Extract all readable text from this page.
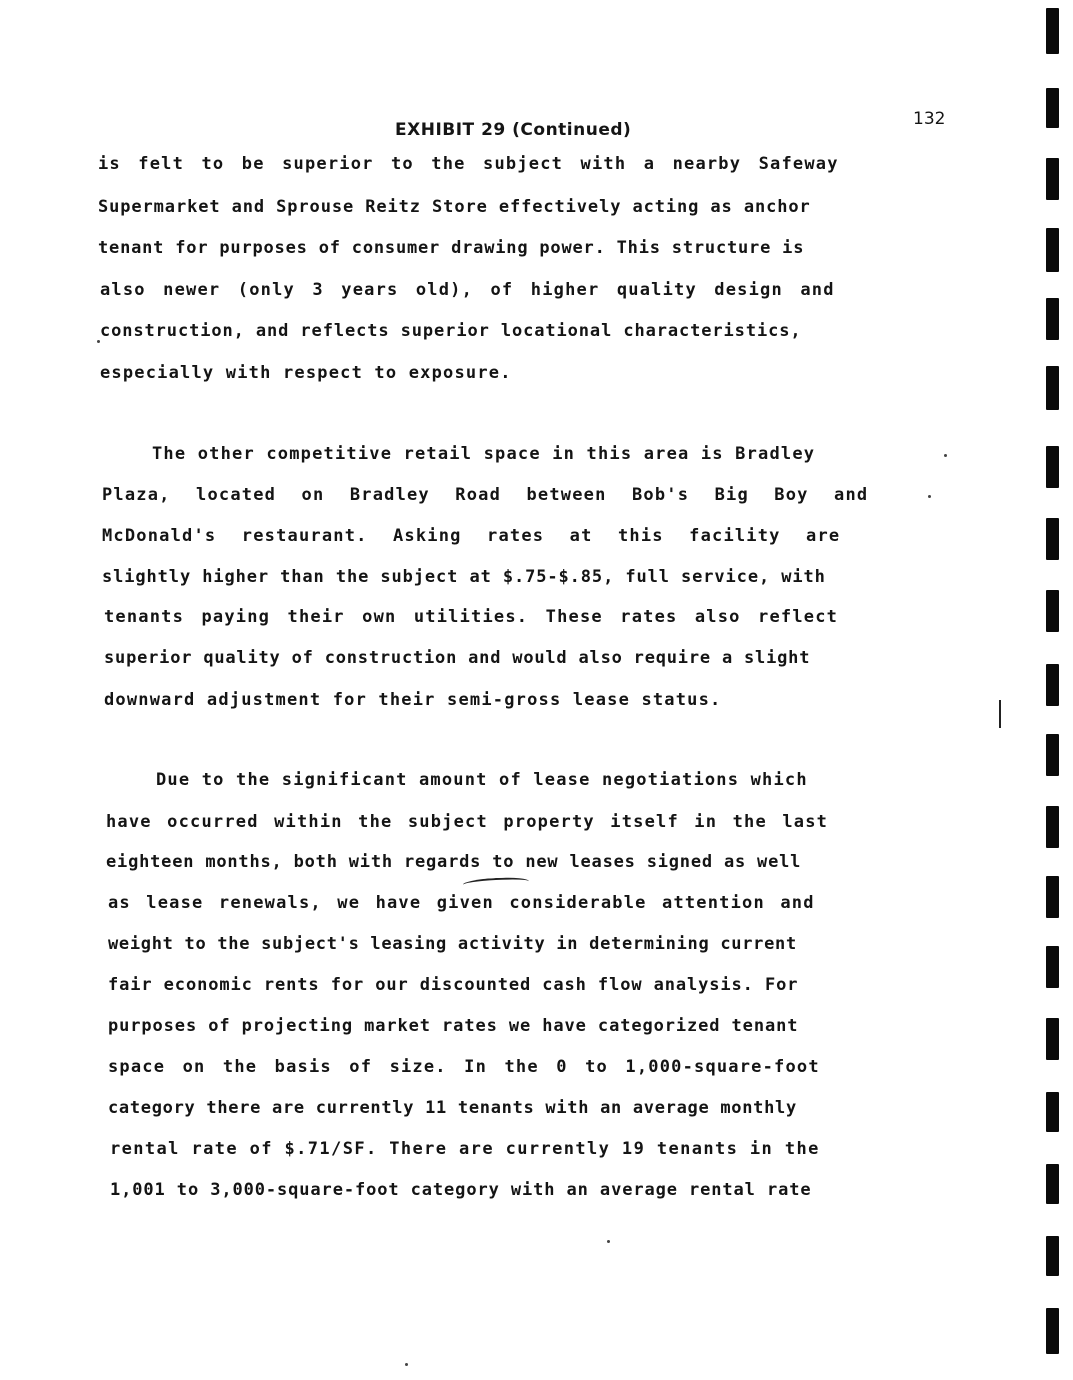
EXHIBIT 29 (Continued)
132
is felt to be superior to the subject with a nearby Safeway
Supermarket and Sprouse Reitz Store effectively acting as anchor
tenant for purposes of consumer drawing power. This structure is
also newer (only 3 years old), of higher quality design and
construction, and reflects superior locational characteristics,
especially with respect to exposure.
The other competitive retail space in this area is Bradley
Plaza, located on Bradley Road between Bob's Big Boy and
McDonald's restaurant. Asking rates at this facility are
slightly higher than the subject at $.75-$.85, full service, with
tenants paying their own utilities. These rates also reflect
superior quality of construction and would also require a slight
downward adjustment for their semi-gross lease status.
Due to the significant amount of lease negotiations which
have occurred within the subject property itself in the last
eighteen months, both with regards to new leases signed as well
as lease renewals, we have given considerable attention and
weight to the subject's leasing activity in determining current
fair economic rents for our discounted cash flow analysis. For
purposes of projecting market rates we have categorized tenant
space on the basis of size. In the 0 to 1,000-square-foot
category there are currently 11 tenants with an average monthly
rental rate of $.71/SF. There are currently 19 tenants in the
1,001 to 3,000-square-foot category with an average rental rate
